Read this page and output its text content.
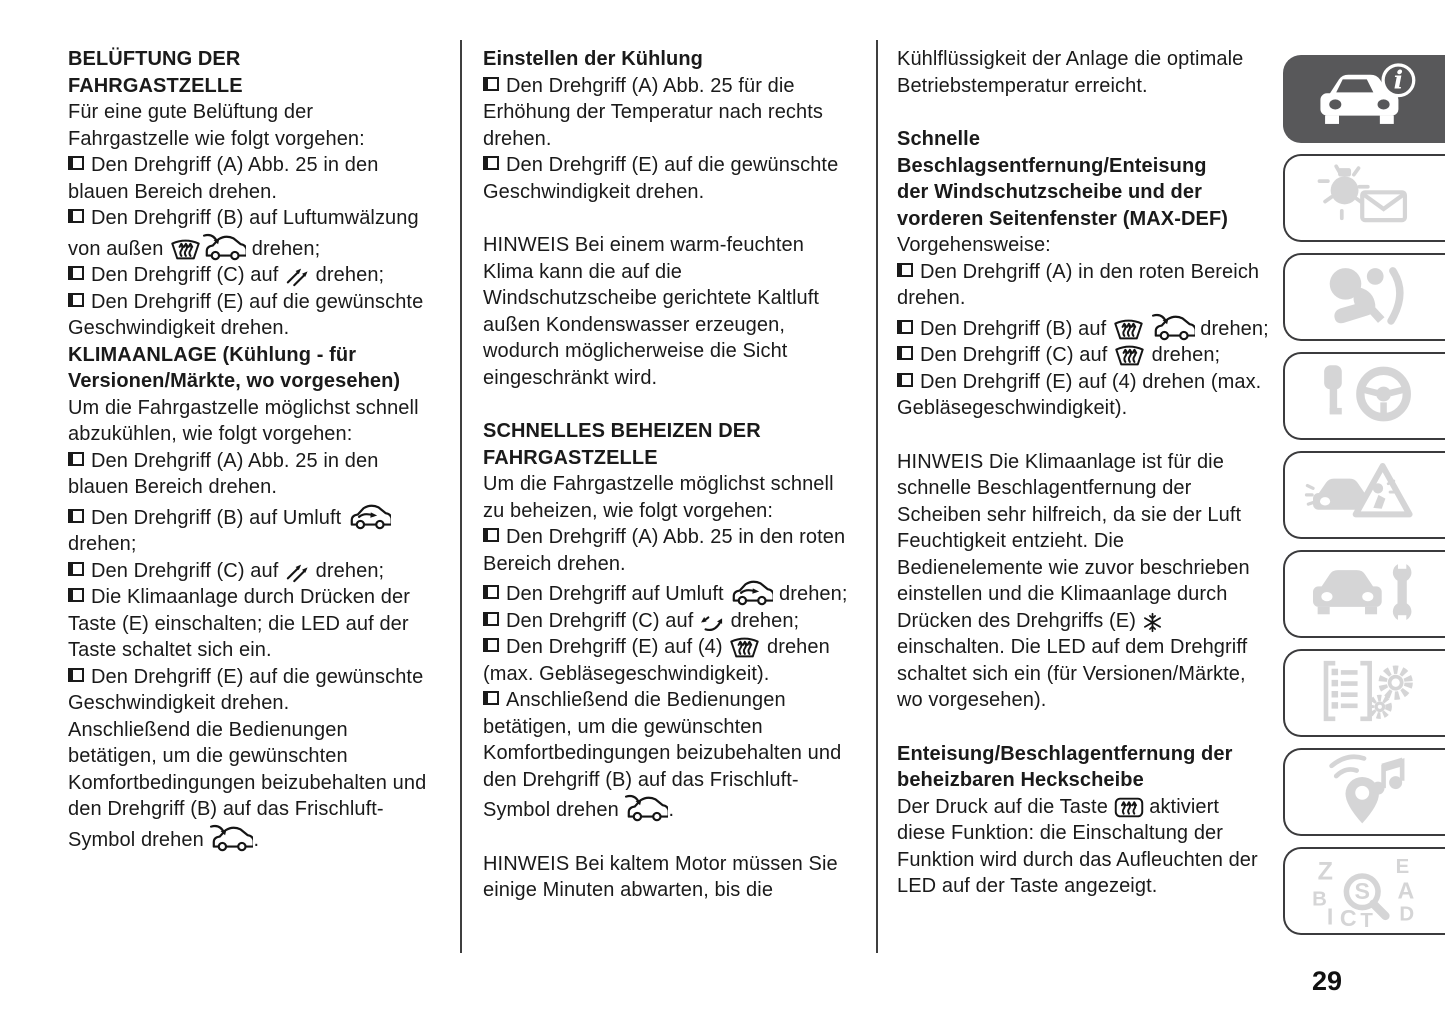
BELÜFTUNG DER
FAHRGASTZELLE

Für eine gute Belüftung der Fahrgastzelle wie folgt vorgehen:

Den Drehgriff (A) Abb. 25 in den blauen Bereich drehen.

Den Drehgriff (B) auf Luftumwälzung von außen	drehen;

Den Drehgriff (C) auf  drehen;

Den Drehgriff (E) auf die gewünschte Geschwindigkeit drehen.

KLIMAANLAGE (Kühlung - für
Versionen/Märkte, wo vorgesehen)

Um die Fahrgastzelle möglichst schnell abzukühlen, wie folgt vorgehen:

Den Drehgriff (A) Abb. 25 in den blauen Bereich drehen.

Den Drehgriff (B) auf Umluft  drehen;

Den Drehgriff (C) auf  drehen;

Die Klimaanlage durch Drücken der Taste (E) einschalten; die LED auf der Taste schaltet sich ein.

Den Drehgriff (E) auf die gewünschte Geschwindigkeit drehen.

Anschließend die Bedienungen betätigen, um die gewünschten Komfortbedingungen beizubehalten und den Drehgriff (B) auf das Frischluft-Symbol drehen .

Einstellen der Kühlung

Den Drehgriff (A) Abb. 25 für die Erhöhung der Temperatur nach rechts drehen.

Den Drehgriff (E) auf die gewünschte Geschwindigkeit drehen.

HINWEIS Bei einem warm-feuchten Klima kann die auf die Windschutzscheibe gerichtete Kaltluft außen Kondenswasser erzeugen, wodurch möglicherweise die Sicht eingeschränkt wird.

SCHNELLES BEHEIZEN DER
FAHRGASTZELLE

Um die Fahrgastzelle möglichst schnell zu beheizen, wie folgt vorgehen:

Den Drehgriff (A) Abb. 25 in den roten Bereich drehen.

Den Drehgriff auf Umluft  drehen;

Den Drehgriff (C) auf  drehen;

Den Drehgriff (E) auf (4)  drehen (max. Gebläsegeschwindigkeit).

Anschließend die Bedienungen betätigen, um die gewünschten Komfortbedingungen beizubehalten und den Drehgriff (B) auf das Frischluft-Symbol drehen .

HINWEIS Bei kaltem Motor müssen Sie einige Minuten abwarten, bis die

Kühlflüssigkeit der Anlage die optimale Betriebstemperatur erreicht.

Schnelle
Beschlagsentfernung/Enteisung
der Windschutzscheibe und der
vorderen Seitenfenster (MAX-DEF)

Vorgehensweise:

Den Drehgriff (A) in den roten Bereich drehen.

Den Drehgriff (B) auf	drehen;

Den Drehgriff (C) auf  drehen;

Den Drehgriff (E) auf (4) drehen (max. Gebläsegeschwindigkeit).

HINWEIS Die Klimaanlage ist für die schnelle Beschlagentfernung der Scheiben sehr hilfreich, da sie der Luft Feuchtigkeit entzieht. Die Bedienelemente wie zuvor beschrieben einstellen und die Klimaanlage durch Drücken des Drehgriffs (E)  einschalten. Die LED auf dem Drehgriff schaltet sich ein (für Versionen/Märkte, wo vorgesehen).

Enteisung/Beschlagentfernung der
beheizbaren Heckscheibe

Der Druck auf die Taste  aktiviert diese Funktion: die Einschaltung der Funktion wird durch das Aufleuchten der LED auf der Taste angezeigt.

i
Z	E
B	A
I C D
T
S
29
